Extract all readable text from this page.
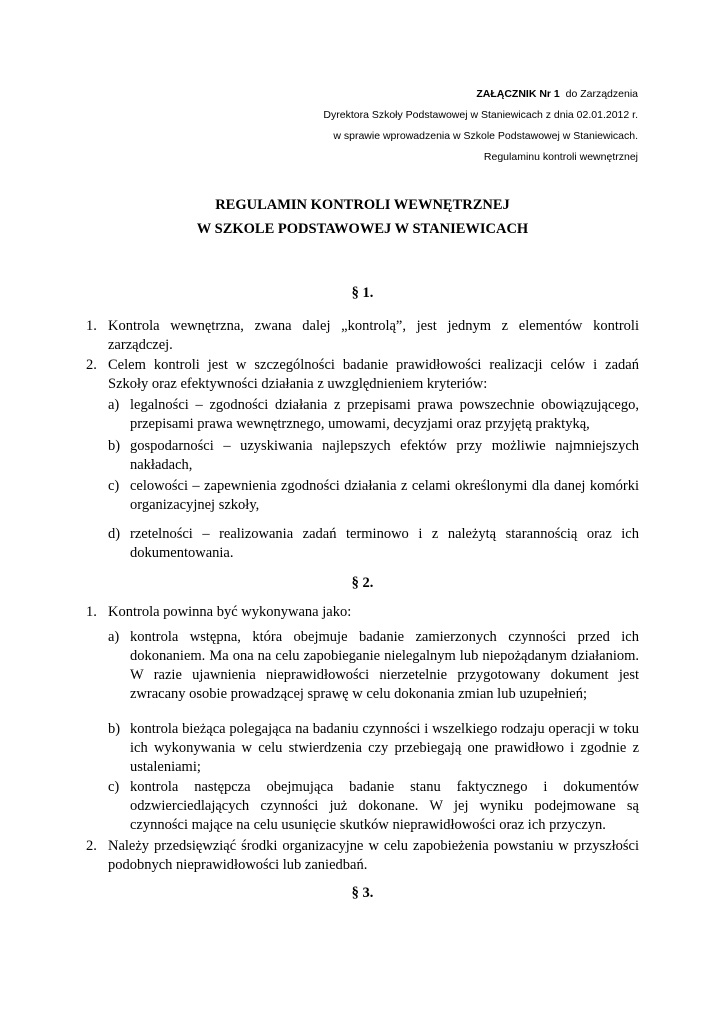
ZAŁĄCZNIK Nr 1 do Zarządzenia
Dyrektora Szkoły Podstawowej w Staniewicach z dnia 02.01.2012 r.
w sprawie wprowadzenia w Szkole Podstawowej w Staniewicach.
Regulaminu kontroli wewnętrznej
REGULAMIN KONTROLI WEWNĘTRZNEJ
W SZKOLE PODSTAWOWEJ W STANIEWICACH
§ 1.
1. Kontrola wewnętrzna, zwana dalej „kontrolą”, jest jednym z elementów kontroli zarządczej.
2. Celem kontroli jest w szczególności badanie prawidłowości realizacji celów i zadań Szkoły oraz efektywności działania z uwzględnieniem kryteriów:
a) legalności – zgodności działania z przepisami prawa powszechnie obowiązującego, przepisami prawa wewnętrznego, umowami, decyzjami oraz przyjętą praktyką,
b) gospodarności – uzyskiwania najlepszych efektów przy możliwie najmniejszych nakładach,
c) celowości – zapewnienia zgodności działania z celami określonymi dla danej komórki organizacyjnej szkoły,
d) rzetelności – realizowania zadań terminowo i z należytą starannością oraz ich dokumentowania.
§ 2.
1. Kontrola powinna być wykonywana jako:
a) kontrola wstępna, która obejmuje badanie zamierzonych czynności przed ich dokonaniem. Ma ona na celu zapobieganie nielegalnym lub niepożądanym działaniom. W razie ujawnienia nieprawidłowości nierzetelnie przygotowany dokument jest zwracany osobie prowadzącej sprawę w celu dokonania zmian lub uzupełnień;
b) kontrola bieżąca polegająca na badaniu czynności i wszelkiego rodzaju operacji w toku ich wykonywania w celu stwierdzenia czy przebiegają one prawidłowo i zgodnie z ustaleniami;
c) kontrola następcza obejmująca badanie stanu faktycznego i dokumentów odzwierciedlających czynności już dokonane. W jej wyniku podejmowane są czynności mające na celu usunięcie skutków nieprawidłowości oraz ich przyczyn.
2. Należy przedsięwziąć środki organizacyjne w celu zapobieżenia powstaniu w przyszłości podobnych nieprawidłowości lub zaniedbań.
§ 3.
